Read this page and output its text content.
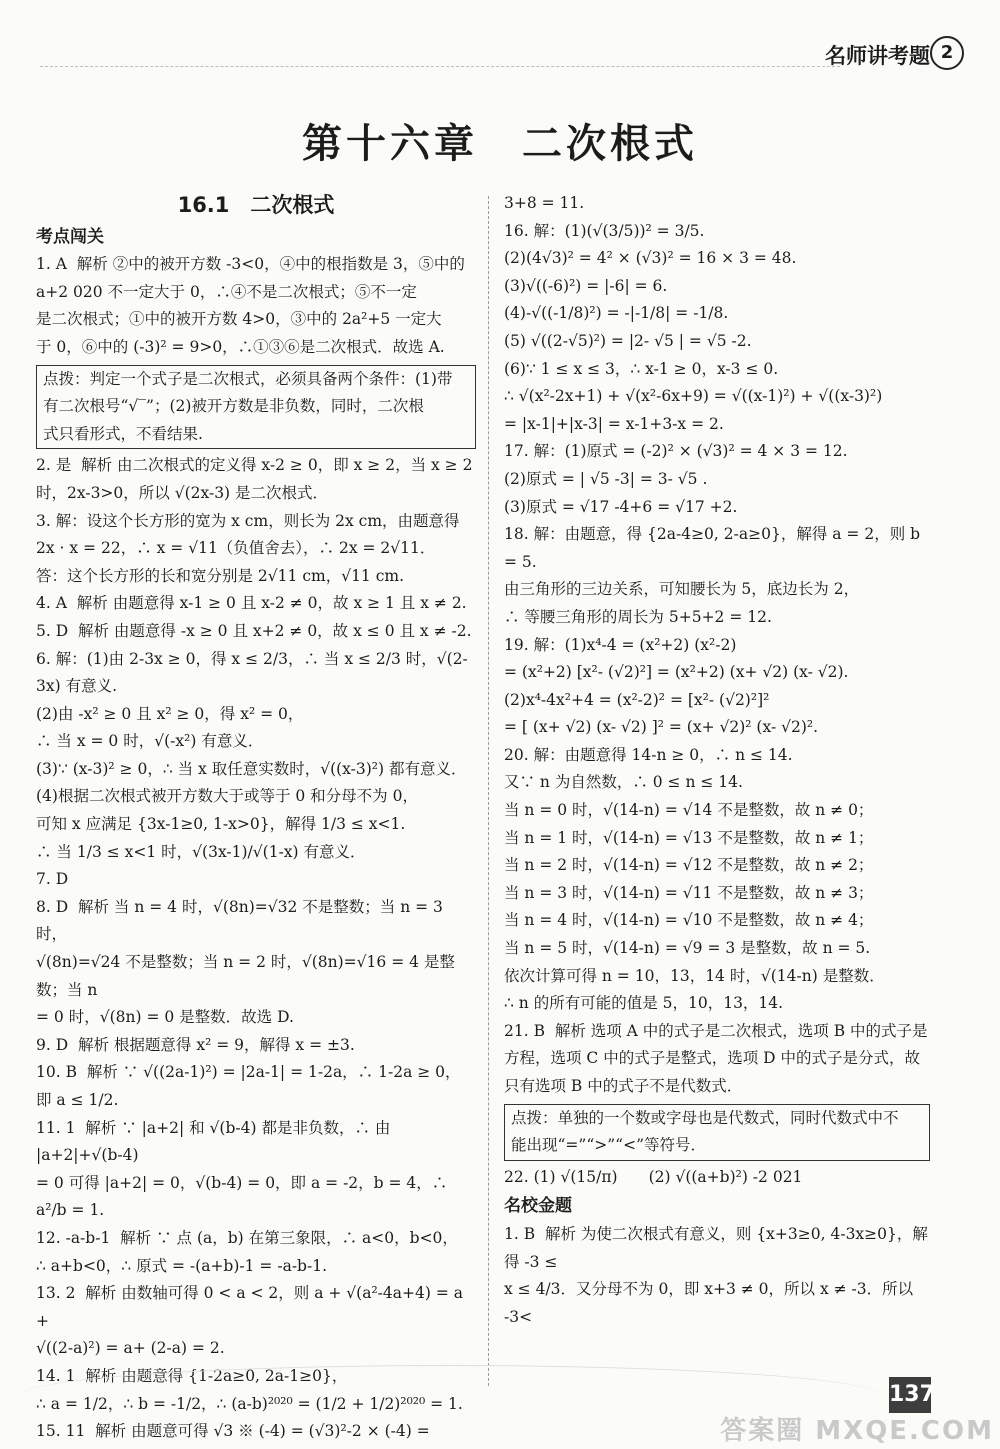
名师讲考题 2
第十六章　二次根式
16.1　二次根式
考点闯关
1. A  解析 ②中的被开方数 -3<0，④中的根指数是 3，⑤中的
a+2 020 不一定大于 0，∴④不是二次根式；⑤不一定
是二次根式；①中的被开方数 4>0，③中的 2a²+5 一定大
于 0，⑥中的 (-3)² = 9>0，∴①③⑥是二次根式．故选 A.
点拨：判定一个式子是二次根式，必须具备两个条件：(1)带
有二次根号“√‾”；(2)被开方数是非负数，同时，二次根
式只看形式，不看结果.
2. 是  解析 由二次根式的定义得 x-2 ≥ 0，即 x ≥ 2，当 x ≥ 2
时，2x-3>0，所以 √(2x-3) 是二次根式．
3. 解：设这个长方形的宽为 x cm，则长为 2x cm，由题意得
2x · x = 22，∴ x = √11（负值舍去），∴ 2x = 2√11．
答：这个长方形的长和宽分别是 2√11 cm，√11 cm.
4. A  解析 由题意得 x-1 ≥ 0 且 x-2 ≠ 0，故 x ≥ 1 且 x ≠ 2.
5. D  解析 由题意得 -x ≥ 0 且 x+2 ≠ 0，故 x ≤ 0 且 x ≠ -2.
6. 解：(1)由 2-3x ≥ 0，得 x ≤ 2/3，∴ 当 x ≤ 2/3 时，√(2-3x) 有意义.
(2)由 -x² ≥ 0 且 x² ≥ 0，得 x² = 0，
∴ 当 x = 0 时，√(-x²) 有意义．
(3)∵ (x-3)² ≥ 0，∴ 当 x 取任意实数时，√((x-3)²) 都有意义．
(4)根据二次根式被开方数大于或等于 0 和分母不为 0，
可知 x 应满足 {3x-1≥0, 1-x>0}，解得 1/3 ≤ x<1.
∴ 当 1/3 ≤ x<1 时，√(3x-1)/√(1-x) 有意义．
7. D
8. D  解析 当 n = 4 时，√(8n)=√32 不是整数；当 n = 3 时，
√(8n)=√24 不是整数；当 n = 2 时，√(8n)=√16 = 4 是整数；当 n
= 0 时，√(8n) = 0 是整数．故选 D.
9. D  解析 根据题意得 x² = 9，解得 x = ±3.
10. B  解析 ∵ √((2a-1)²) = |2a-1| = 1-2a，∴ 1-2a ≥ 0，即 a ≤ 1/2.
11. 1  解析 ∵ |a+2| 和 √(b-4) 都是非负数，∴ 由 |a+2|+√(b-4)
= 0 可得 |a+2| = 0，√(b-4) = 0，即 a = -2，b = 4，∴ a²/b = 1.
12. -a-b-1  解析 ∵ 点 (a，b) 在第三象限，∴ a<0，b<0，
∴ a+b<0，∴ 原式 = -(a+b)-1 = -a-b-1.
13. 2  解析 由数轴可得 0 < a < 2，则 a + √(a²-4a+4) = a +
√((2-a)²) = a+ (2-a) = 2.
14. 1  解析 由题意得 {1-2a≥0, 2a-1≥0}，
∴ a = 1/2，∴ b = -1/2，∴ (a-b)²⁰²⁰ = (1/2 + 1/2)²⁰²⁰ = 1.
15. 11  解析 由题意可得 √3 ※ (-4) = (√3)²-2 × (-4) =
3+8 = 11.
16. 解：(1)(√(3/5))² = 3/5.
(2)(4√3)² = 4² × (√3)² = 16 × 3 = 48.
(3)√((-6)²) = |-6| = 6.
(4)-√((-1/8)²) = -|-1/8| = -1/8.
(5) √((2-√5)²) = |2- √5 | = √5 -2.
(6)∵ 1 ≤ x ≤ 3，∴ x-1 ≥ 0，x-3 ≤ 0.
∴ √(x²-2x+1) + √(x²-6x+9) = √((x-1)²) + √((x-3)²)
= |x-1|+|x-3| = x-1+3-x = 2.
17. 解：(1)原式 = (-2)² × (√3)² = 4 × 3 = 12.
(2)原式 = | √5 -3| = 3- √5 .
(3)原式 = √17 -4+6 = √17 +2.
18. 解：由题意，得 {2a-4≥0, 2-a≥0}，解得 a = 2，则 b = 5.
由三角形的三边关系，可知腰长为 5，底边长为 2，
∴ 等腰三角形的周长为 5+5+2 = 12.
19. 解：(1)x⁴-4 = (x²+2) (x²-2)
= (x²+2) [x²- (√2)²] = (x²+2) (x+ √2) (x- √2).
(2)x⁴-4x²+4 = (x²-2)² = [x²- (√2)²]²
= [ (x+ √2) (x- √2) ]² = (x+ √2)² (x- √2)².
20. 解：由题意得 14-n ≥ 0，∴ n ≤ 14.
又∵ n 为自然数，∴ 0 ≤ n ≤ 14.
当 n = 0 时，√(14-n) = √14 不是整数，故 n ≠ 0；
当 n = 1 时，√(14-n) = √13 不是整数，故 n ≠ 1；
当 n = 2 时，√(14-n) = √12 不是整数，故 n ≠ 2；
当 n = 3 时，√(14-n) = √11 不是整数，故 n ≠ 3；
当 n = 4 时，√(14-n) = √10 不是整数，故 n ≠ 4；
当 n = 5 时，√(14-n) = √9 = 3 是整数，故 n = 5.
依次计算可得 n = 10，13，14 时，√(14-n) 是整数．
∴ n 的所有可能的值是 5，10，13，14.
21. B  解析 选项 A 中的式子是二次根式，选项 B 中的式子是
方程，选项 C 中的式子是整式，选项 D 中的式子是分式，故
只有选项 B 中的式子不是代数式．
点拨：单独的一个数或字母也是代数式，同时代数式中不
能出现“=”“>”“<”等符号．
22. (1) √(15/π)　　(2) √((a+b)²) -2 021
名校金题
1. B  解析 为使二次根式有意义，则 {x+3≥0, 4-3x≥0}，解得 -3 ≤
x ≤ 4/3．又分母不为 0，即 x+3 ≠ 0，所以 x ≠ -3．所以 -3<
137
答案圈 MXQE.COM
